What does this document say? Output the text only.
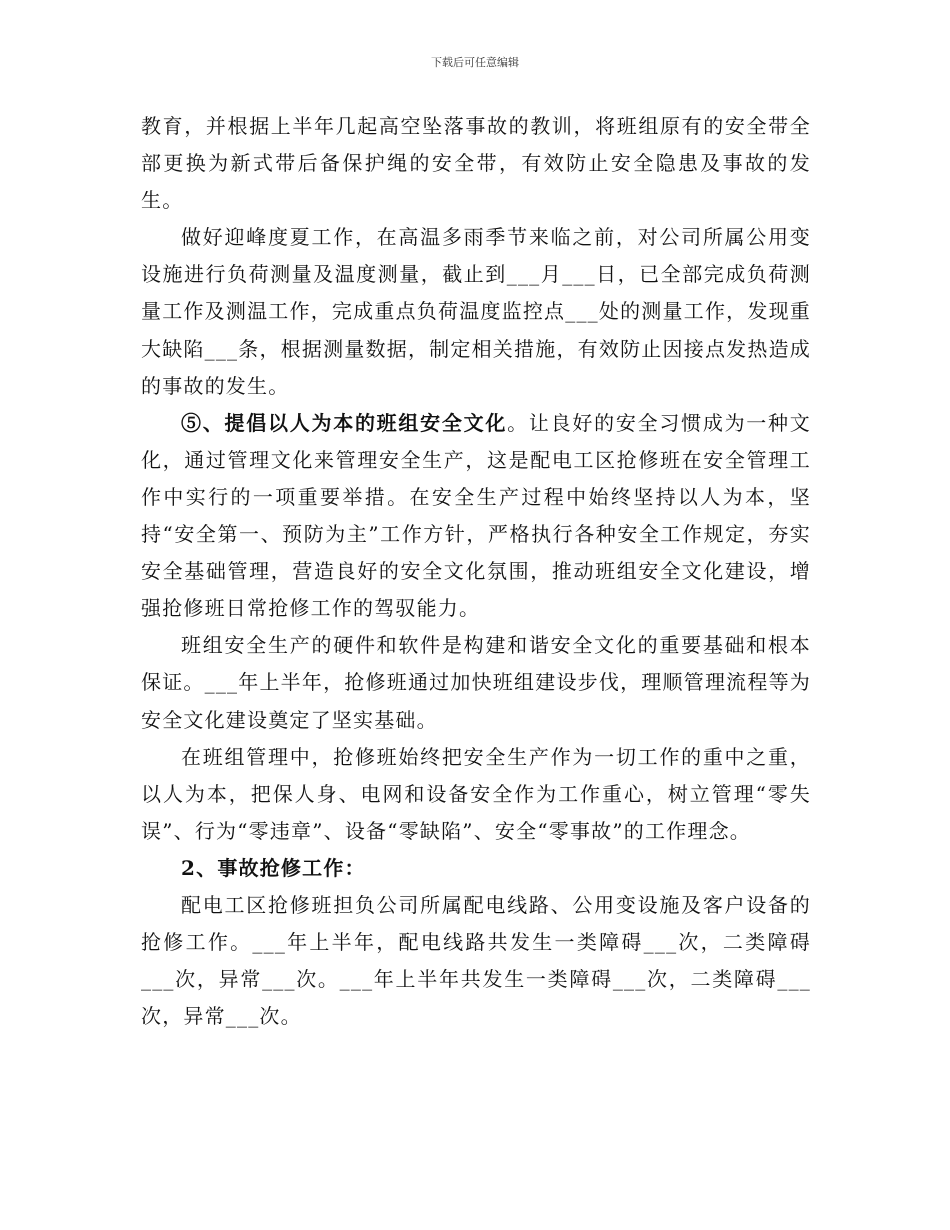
下载后可任意编辑

教育，并根据上半年几起高空坠落事故的教训，将班组原有的安全带全部更换为新式带后备保护绳的安全带，有效防止安全隐患及事故的发生。

做好迎峰度夏工作，在高温多雨季节来临之前，对公司所属公用变设施进行负荷测量及温度测量，截止到___月___日，已全部完成负荷测量工作及测温工作，完成重点负荷温度监控点___处的测量工作，发现重大缺陷___条，根据测量数据，制定相关措施，有效防止因接点发热造成的事故的发生。

⑤、提倡以人为本的班组安全文化。让良好的安全习惯成为一种文化，通过管理文化来管理安全生产，这是配电工区抢修班在安全管理工作中实行的一项重要举措。在安全生产过程中始终坚持以人为本，坚持“安全第一、预防为主”工作方针，严格执行各种安全工作规定，夯实安全基础管理，营造良好的安全文化氛围，推动班组安全文化建设，增强抢修班日常抢修工作的驾驭能力。

班组安全生产的硬件和软件是构建和谐安全文化的重要基础和根本保证。___年上半年，抢修班通过加快班组建设步伐，理顺管理流程等为安全文化建设奠定了坚实基础。

在班组管理中，抢修班始终把安全生产作为一切工作的重中之重，以人为本，把保人身、电网和设备安全作为工作重心，树立管理“零失误”、行为“零违章”、设备“零缺陷”、安全“零事故”的工作理念。

2、事故抢修工作：

配电工区抢修班担负公司所属配电线路、公用变设施及客户设备的抢修工作。___年上半年，配电线路共发生一类障碍___次，二类障碍___次，异常___次。___年上半年共发生一类障碍___次，二类障碍___次，异常___次。
